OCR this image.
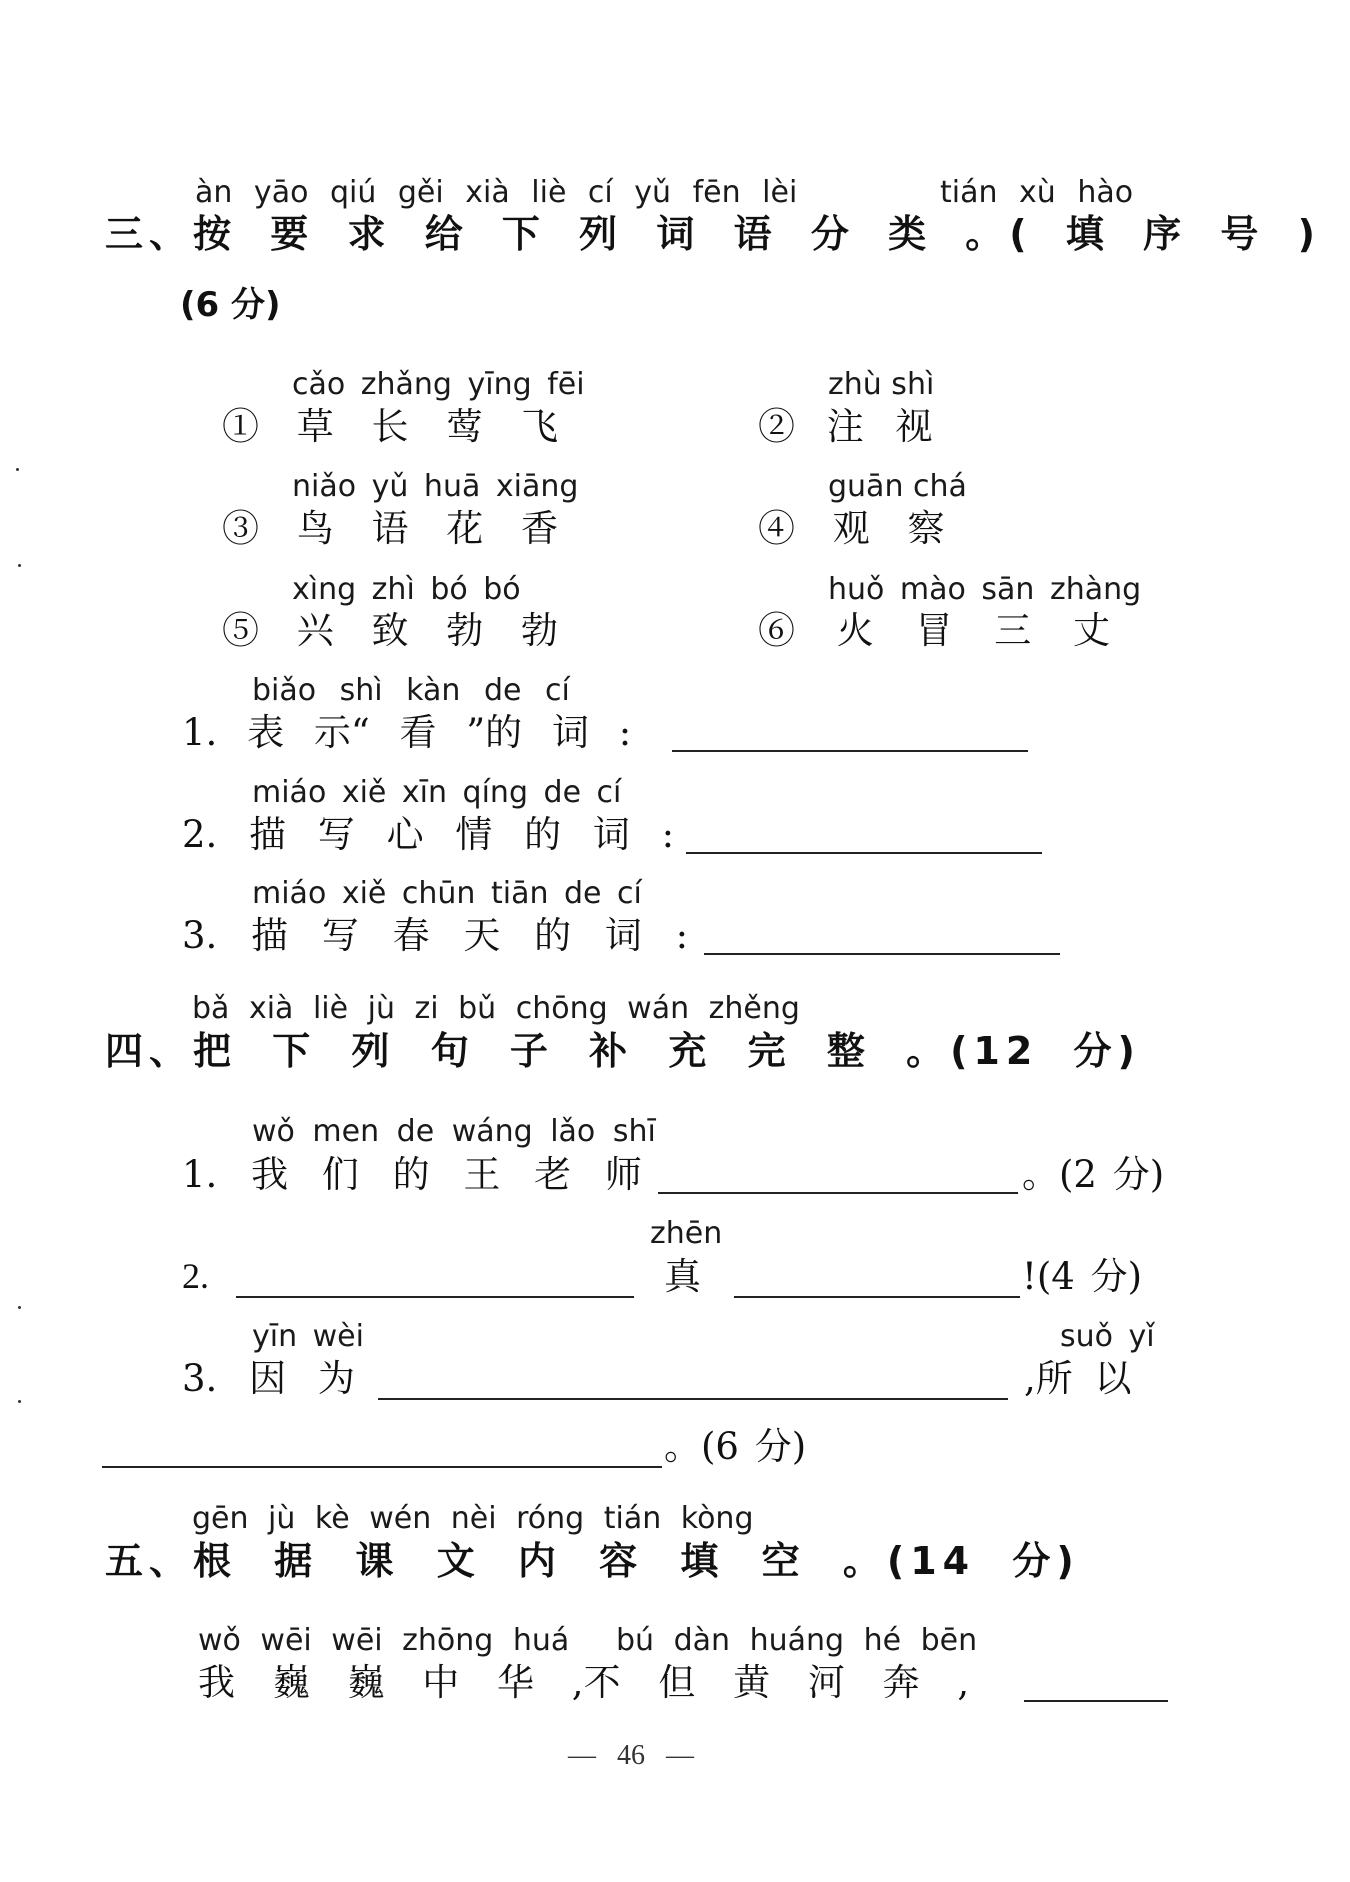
àn yāo qiú gěi xià liè cí yǔ fēn lèi	tián xù hào
三、按 要 求 给 下 列 词 语 分 类 。( 填 序 号 )
(6 分)
cǎo zhǎng yīng fēi
① 草 长 莺 飞
zhù shì
② 注 视
niǎo yǔ huā xiāng
③ 鸟 语 花 香
guān chá
④ 观 察
xìng zhì bó bó
⑤ 兴 致 勃 勃
huǒ mào sān zhàng
⑥ 火 冒 三 丈
biǎo shì kàn de cí
1. 表 示“ 看 ”的 词 :
miáo xiě xīn qíng de cí
2. 描 写 心 情 的 词 :
miáo xiě chūn tiān de cí
3. 描 写 春 天 的 词 :
bǎ xià liè jù zi bǔ chōng wán zhěng
四、把 下 列 句 子 补 充 完 整 。(12 分)
wǒ men de wáng lǎo shī
1. 我 们 的 王 老 师	。(2 分)
zhēn
2.	真	!(4 分)
yīn wèi	suǒ yǐ
3. 因 为	,所 以
。(6 分)
gēn jù kè wén nèi róng tián kòng
五、根 据 课 文 内 容 填 空 。(14 分)
wǒ wēi wēi zhōng huá bú dàn huáng hé bēn
我 巍 巍 中 华 ,不 但 黄 河 奔 ,
— 46 —
